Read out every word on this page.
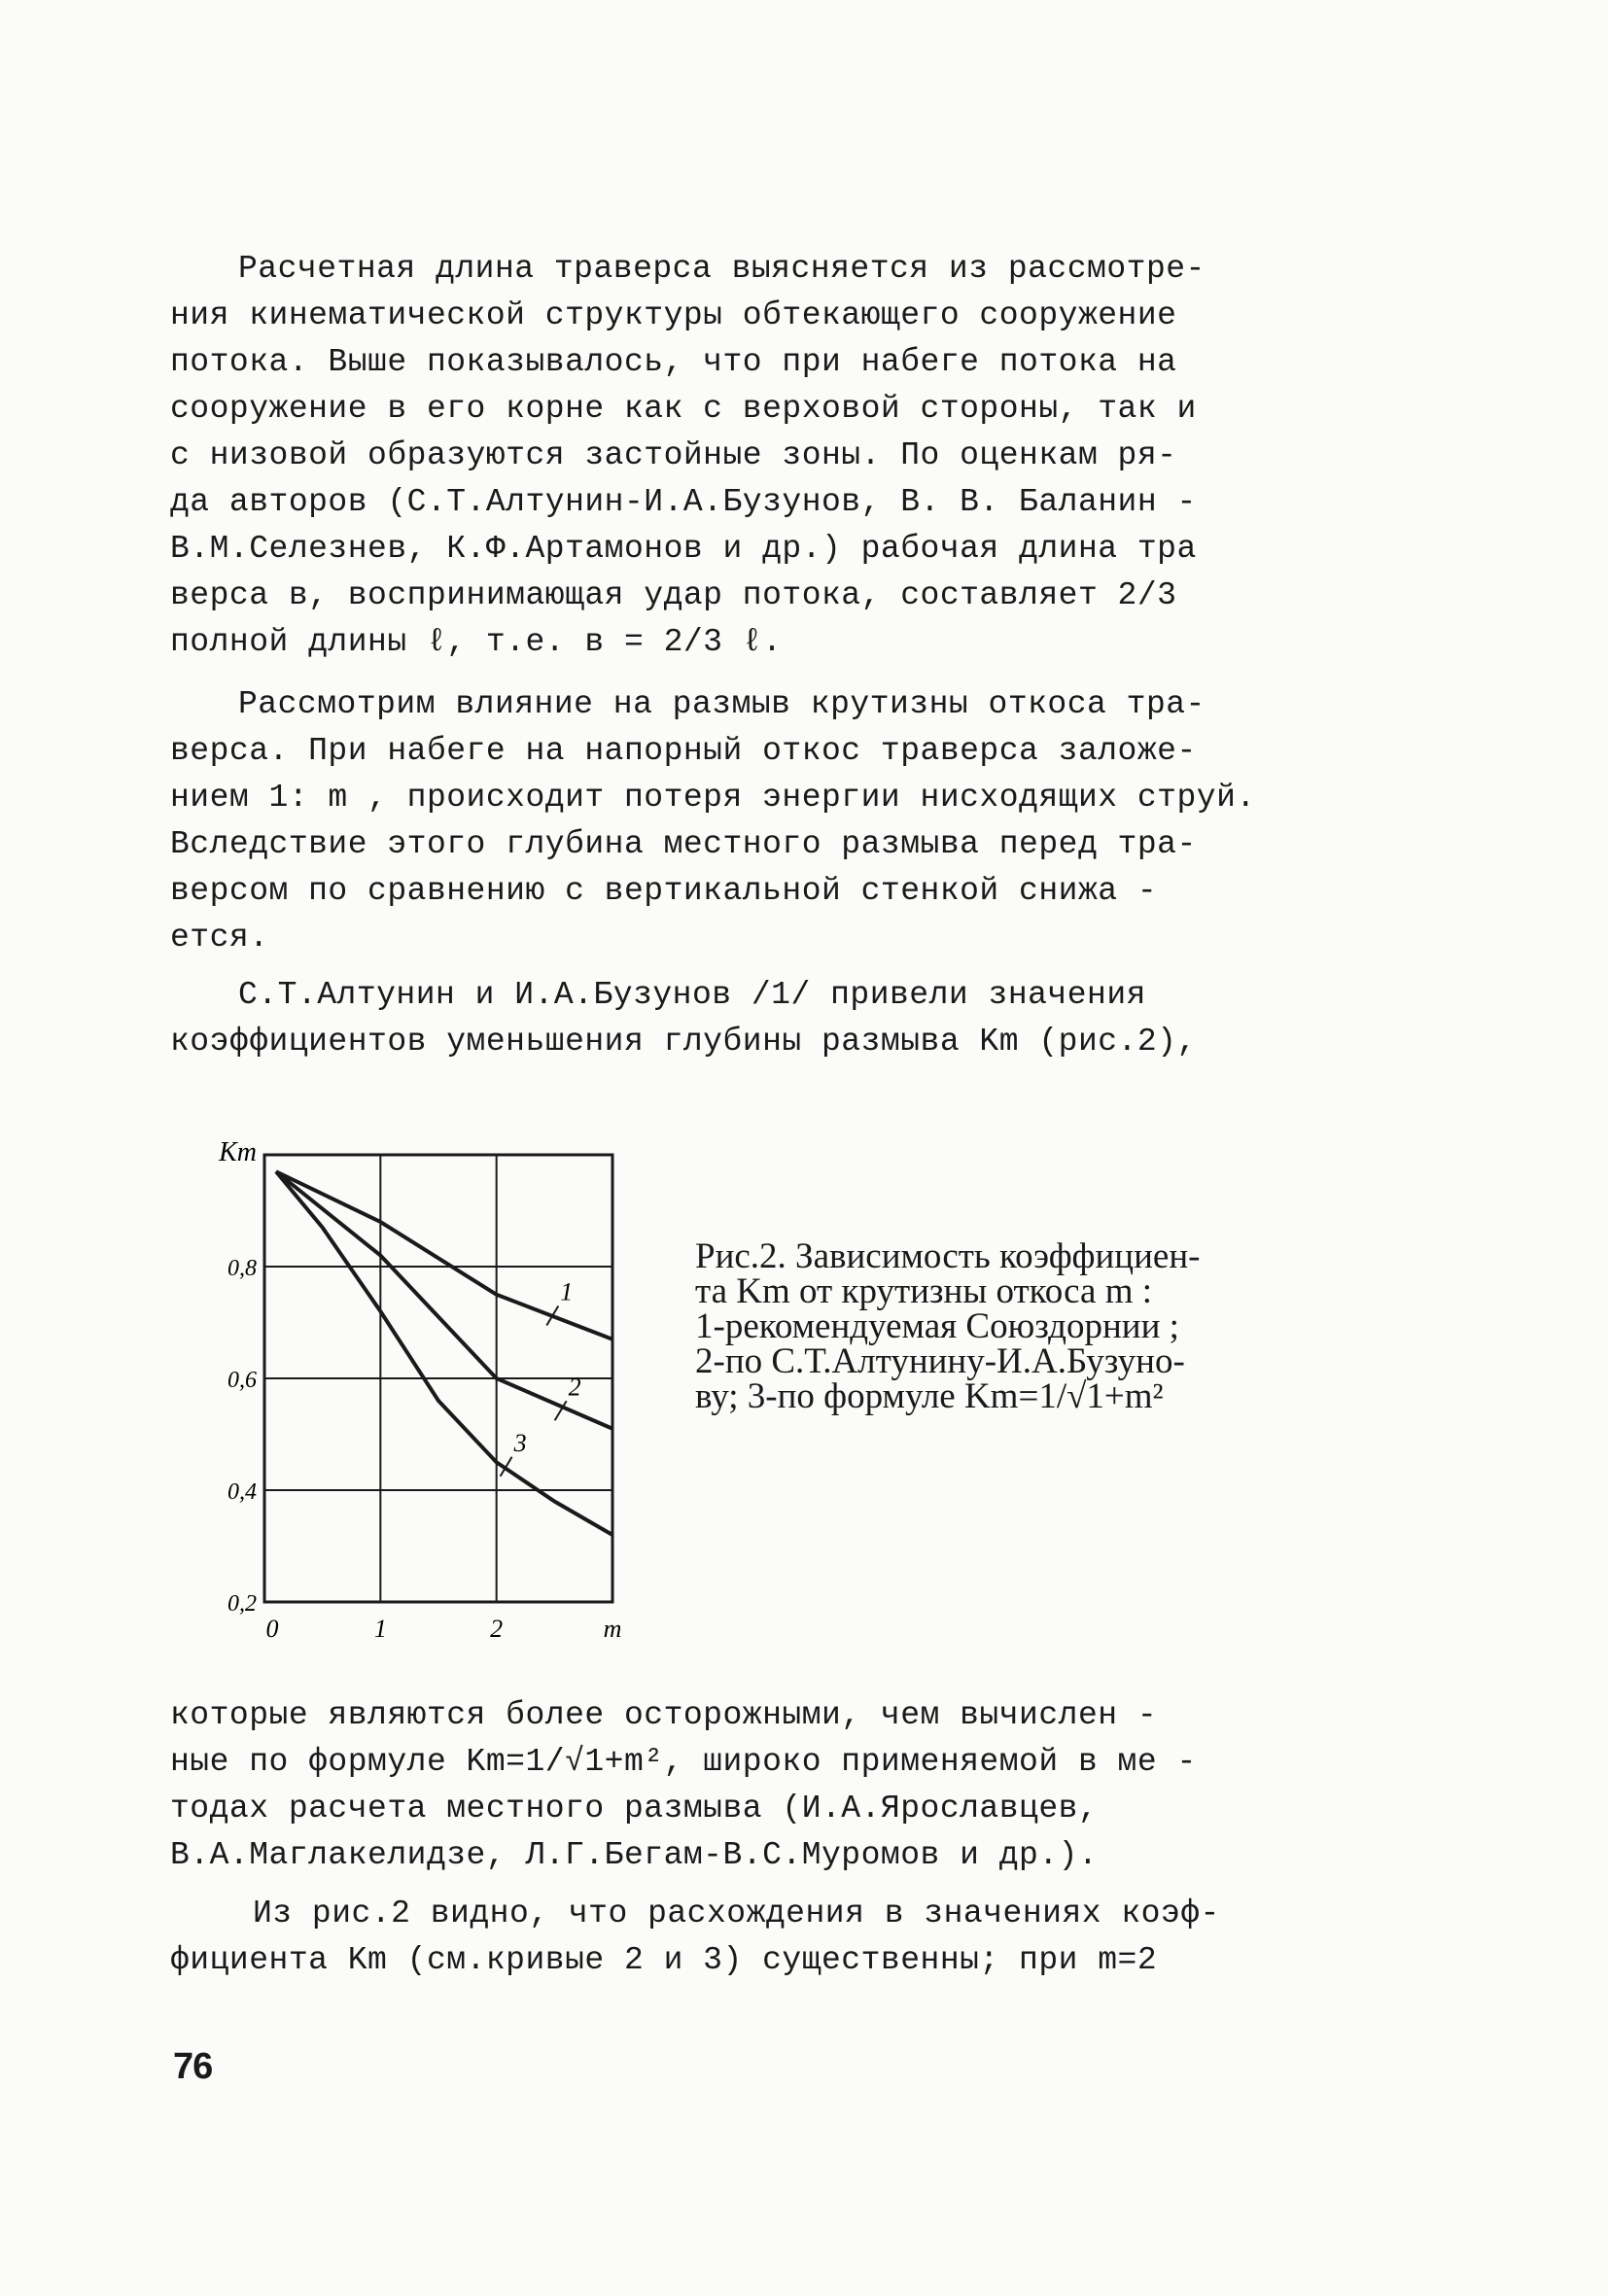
Расчетная длина траверса выясняется из рассмотре-
ния кинематической структуры обтекающего сооружение
потока. Выше показывалось, что при набеге потока на
сооружение в его корне как с верховой стороны, так и
с низовой образуются застойные зоны. По оценкам ря-
да авторов (С.Т.Алтунин-И.А.Бузунов, В. В. Баланин -
В.М.Селезнев, К.Ф.Артамонов и др.) рабочая длина тра
верса в, воспринимающая удар потока, составляет 2/3
полной длины ℓ, т.е. в = 2/3 ℓ.
Рассмотрим влияние на размыв крутизны откоса тра-
верса. При набеге на напорный откос траверса заложе-
нием 1: m , происходит потеря энергии нисходящих струй.
Вследствие этого глубина местного размыва перед тра-
версом по сравнению с вертикальной стенкой снижа -
ется.
С.Т.Алтунин и И.А.Бузунов /1/ привели значения
коэффициентов уменьшения глубины размыва Km (рис.2),
0,8
0,6
0,4
0,2
0	1	2	m
Km
1
2
3
Рис.2. Зависимость коэффициен-
та Km от крутизны откоса m :
1-рекомендуемая Союздорнии ;
2-по С.Т.Алтунину-И.А.Бузуно-
ву; 3-по формуле Km=1/√1+m²
которые являются более осторожными, чем вычислен -
ные по формуле Km=1/√1+m², широко применяемой в ме -
тодах расчета местного размыва (И.А.Ярославцев,
В.А.Маглакелидзе, Л.Г.Бегам-В.С.Муромов и др.).
Из рис.2 видно, что расхождения в значениях коэф-
фициента Km (см.кривые 2 и 3) существенны; при m=2
76
